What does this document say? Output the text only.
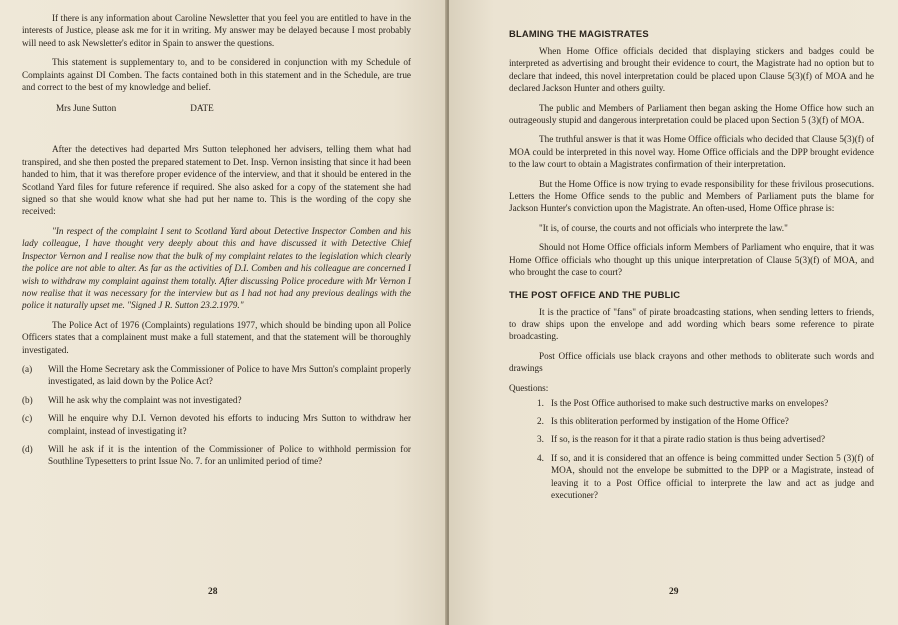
If there is any information about Caroline Newsletter that you feel you are entitled to have in the interests of Justice, please ask me for it in writing. My answer may be delayed because I most probably will need to ask Newsletter's editor in Spain to answer the questions.

This statement is supplementary to, and to be considered in conjunction with my Schedule of Complaints against DI Comben. The facts contained both in this statement and in the Schedule, are true and correct to the best of my knowledge and belief.

Mrs June Sutton	DATE

After the detectives had departed Mrs Sutton telephoned her advisers, telling them what had transpired, and she then posted the prepared statement to Det. Insp. Vernon insisting that since it had been handed to him, that it was therefore proper evidence of the interview, and that it should be entered in the Scotland Yard files for future reference if required. She also asked for a copy of the statement she had signed so that she would know what she had put her name to. This is the wording of the copy she received:

"In respect of the complaint I sent to Scotland Yard about Detective Inspector Comben and his lady colleague, I have thought very deeply about this and have discussed it with Detective Chief Inspector Vernon and I realise now that the bulk of my complaint relates to the legislation which clearly the police are not able to alter. As far as the activities of D.I. Comben and his colleague are concerned I wish to withdraw my complaint against them totally. After discussing Police procedure with Mr Vernon I now realise that it was necessary for the interview but as I had not had any previous dealings with the police it naturally upset me. "Signed J R. Sutton 23.2.1979."

The Police Act of 1976 (Complaints) regulations 1977, which should be binding upon all Police Officers states that a complainent must make a full statement, and that the statement will be thoroughly investigated.

(a)	Will the Home Secretary ask the Commissioner of Police to have Mrs Sutton's complaint properly investigated, as laid down by the Police Act?
(b)	Will he ask why the complaint was not investigated?
(c)	Will he enquire why D.I. Vernon devoted his efforts to inducing Mrs Sutton to withdraw her complaint, instead of investigating it?
(d)	Will he ask if it is the intention of the Commissioner of Police to withhold permission for Southline Typesetters to print Issue No. 7. for an unlimited period of time?
28
BLAMING THE MAGISTRATES

When Home Office officials decided that displaying stickers and badges could be interpreted as advertising and brought their evidence to court, the Magistrate had no option but to declare that indeed, this novel interpretation could be placed upon Clause 5(3)(f) of MOA and he declared Jackson Hunter and others guilty.

The public and Members of Parliament then began asking the Home Office how such an outrageously stupid and dangerous interpretation could be placed upon Section 5 (3)(f) of MOA.

The truthful answer is that it was Home Office officials who decided that Clause 5(3)(f) of MOA could be interpreted in this novel way. Home Office officials and the DPP brought evidence to the law court to obtain a Magistrates confirmation of their interpretation.

But the Home Office is now trying to evade responsibility for these frivilous prosecutions. Letters the Home Office sends to the public and Members of Parliament puts the blame for Jackson Hunter's conviction upon the Magistrate. An often-used, Home Office phrase is:

"It is, of course, the courts and not officials who interprete the law."

Should not Home Office officials inform Members of Parliament who enquire, that it was Home Office officials who thought up this unique interpretation of Clause 5(3)(f) of MOA, and who brought the case to court?

THE POST OFFICE AND THE PUBLIC

It is the practice of "fans" of pirate broadcasting stations, when sending letters to friends, to draw ships upon the envelope and add wording which bears some reference to pirate broadcasting.

Post Office officials use black crayons and other methods to obliterate such words and drawings

Questions:
1. Is the Post Office authorised to make such destructive marks on envelopes?
2. Is this obliteration performed by instigation of the Home Office?
3. If so, is the reason for it that a pirate radio station is thus being advertised?
4. If so, and it is considered that an offence is being committed under Section 5 (3)(f) of MOA, should not the envelope be submitted to the DPP or a Magistrate, instead of leaving it to a Post Office official to interprete the law and act as judge and executioner?
29
